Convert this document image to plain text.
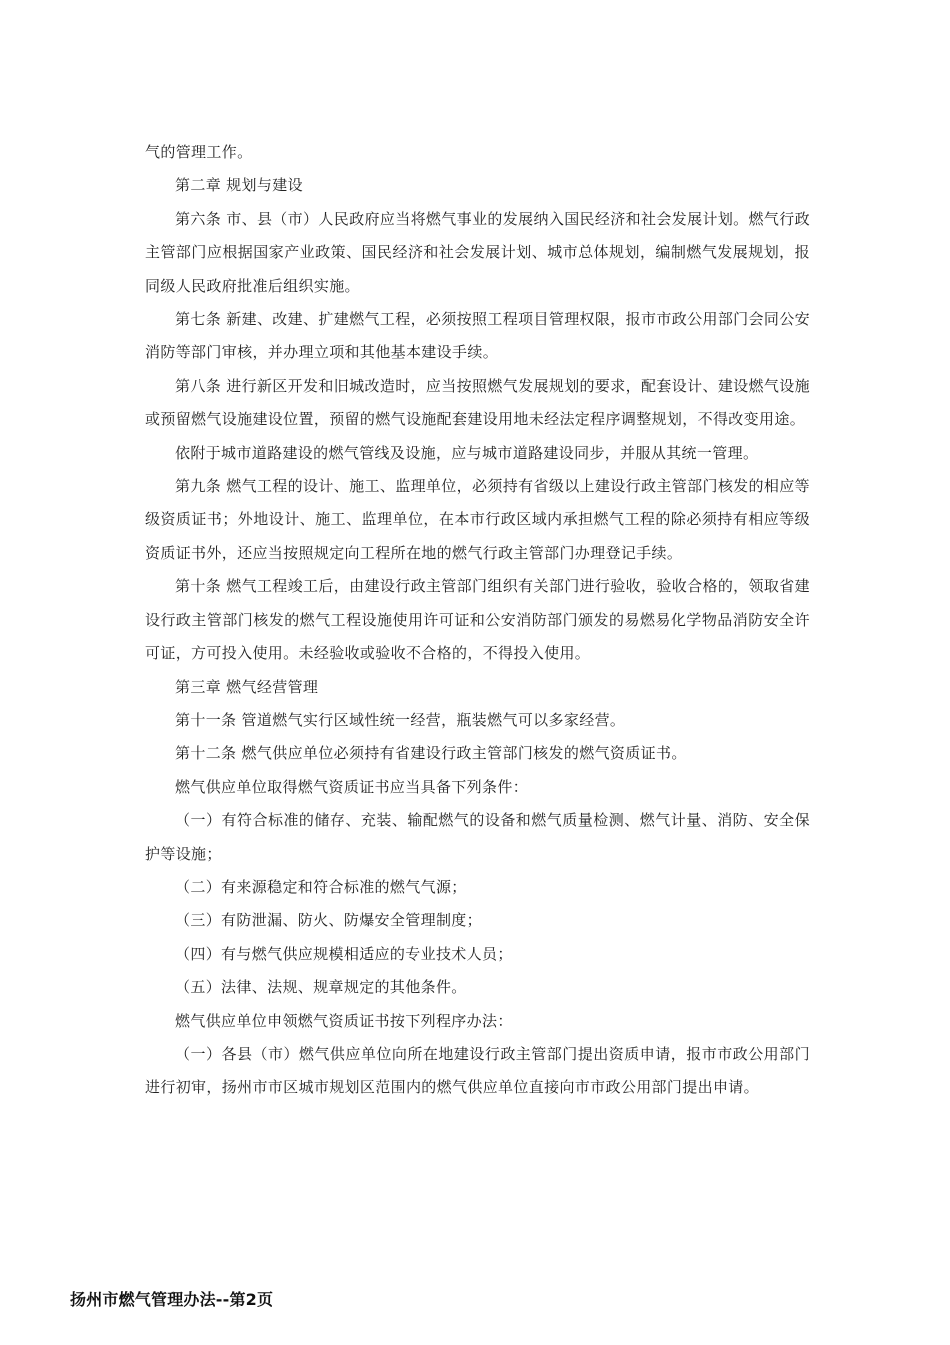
气的管理工作。

第二章 规划与建设

第六条 市、县（市）人民政府应当将燃气事业的发展纳入国民经济和社会发展计划。燃气行政主管部门应根据国家产业政策、国民经济和社会发展计划、城市总体规划，编制燃气发展规划，报同级人民政府批准后组织实施。

第七条 新建、改建、扩建燃气工程，必须按照工程项目管理权限，报市市政公用部门会同公安消防等部门审核，并办理立项和其他基本建设手续。

第八条 进行新区开发和旧城改造时，应当按照燃气发展规划的要求，配套设计、建设燃气设施或预留燃气设施建设位置，预留的燃气设施配套建设用地未经法定程序调整规划，不得改变用途。

依附于城市道路建设的燃气管线及设施，应与城市道路建设同步，并服从其统一管理。

第九条 燃气工程的设计、施工、监理单位，必须持有省级以上建设行政主管部门核发的相应等级资质证书；外地设计、施工、监理单位，在本市行政区域内承担燃气工程的除必须持有相应等级资质证书外，还应当按照规定向工程所在地的燃气行政主管部门办理登记手续。

第十条 燃气工程竣工后，由建设行政主管部门组织有关部门进行验收，验收合格的，领取省建设行政主管部门核发的燃气工程设施使用许可证和公安消防部门颁发的易燃易化学物品消防安全许可证，方可投入使用。未经验收或验收不合格的，不得投入使用。

第三章 燃气经营管理

第十一条 管道燃气实行区域性统一经营，瓶装燃气可以多家经营。

第十二条 燃气供应单位必须持有省建设行政主管部门核发的燃气资质证书。

燃气供应单位取得燃气资质证书应当具备下列条件：

（一）有符合标准的储存、充装、输配燃气的设备和燃气质量检测、燃气计量、消防、安全保护等设施；

（二）有来源稳定和符合标准的燃气气源；

（三）有防泄漏、防火、防爆安全管理制度；

（四）有与燃气供应规模相适应的专业技术人员；

（五）法律、法规、规章规定的其他条件。

燃气供应单位申领燃气资质证书按下列程序办法：

（一）各县（市）燃气供应单位向所在地建设行政主管部门提出资质申请，报市市政公用部门进行初审，扬州市市区城市规划区范围内的燃气供应单位直接向市市政公用部门提出申请。

扬州市燃气管理办法--第2页
